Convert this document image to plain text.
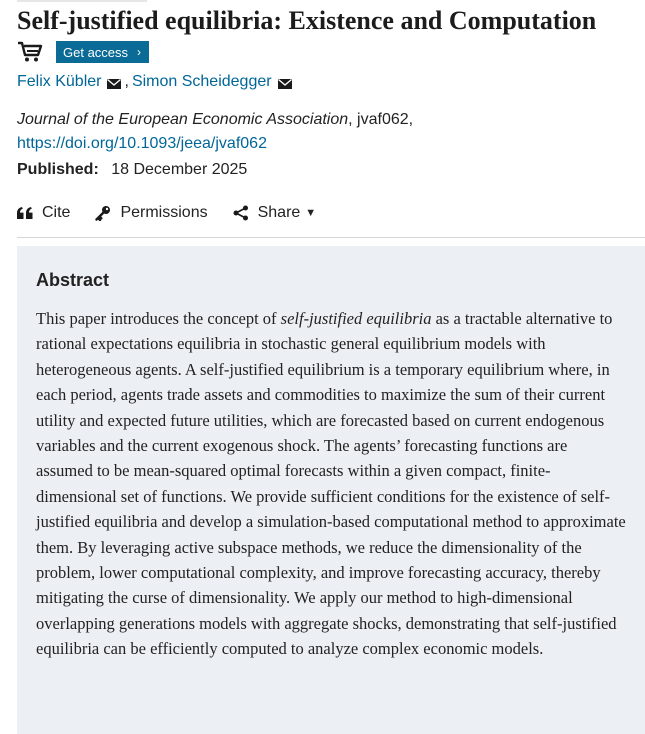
Self-justified equilibria: Existence and Computation
Get access ›
Felix Kübler , Simon Scheidegger
Journal of the European Economic Association, jvaf062,
https://doi.org/10.1093/jeea/jvaf062
Published: 18 December 2025
Cite	Permissions	Share ▼
Abstract

This paper introduces the concept of self-justified equilibria as a tractable alternative to rational expectations equilibria in stochastic general equilibrium models with heterogeneous agents. A self-justified equilibrium is a temporary equilibrium where, in each period, agents trade assets and commodities to maximize the sum of their current utility and expected future utilities, which are forecasted based on current endogenous variables and the current exogenous shock. The agents’ forecasting functions are assumed to be mean-squared optimal forecasts within a given compact, finite-dimensional set of functions. We provide sufficient conditions for the existence of self-justified equilibria and develop a simulation-based computational method to approximate them. By leveraging active subspace methods, we reduce the dimensionality of the problem, lower computational complexity, and improve forecasting accuracy, thereby mitigating the curse of dimensionality. We apply our method to high-dimensional overlapping generations models with aggregate shocks, demonstrating that self-justified equilibria can be efficiently computed to analyze complex economic models.
